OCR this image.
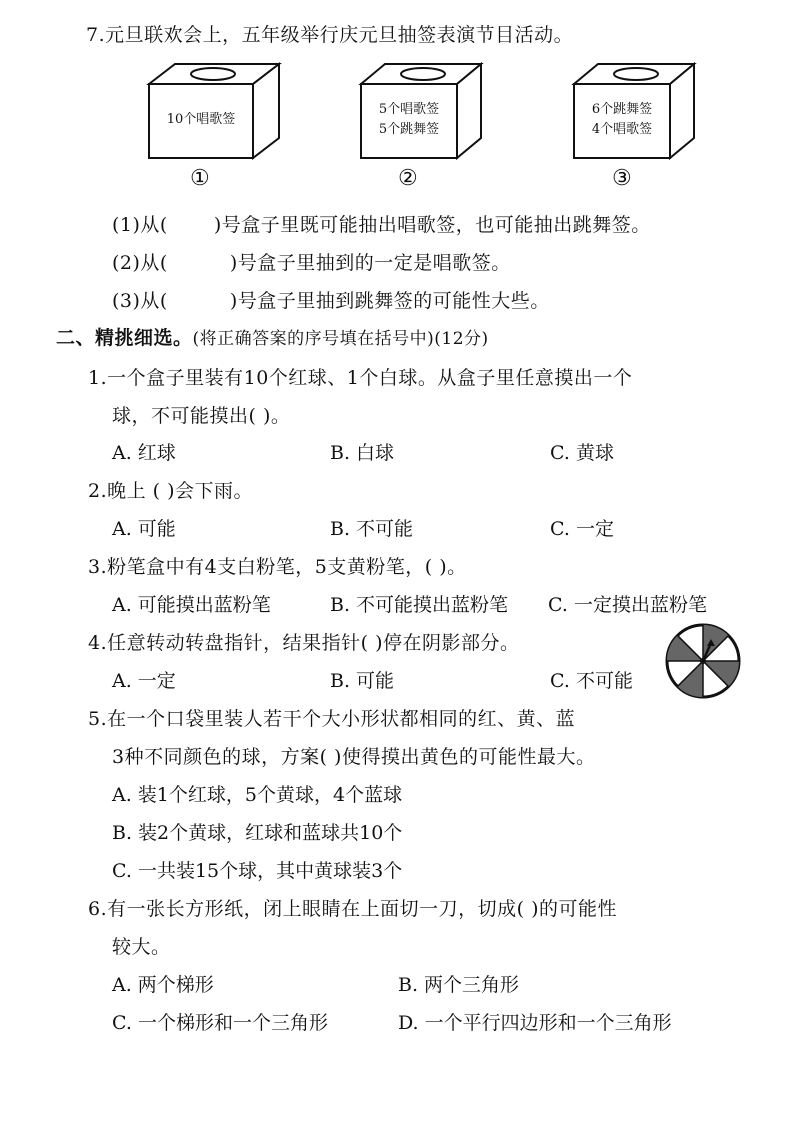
7.元旦联欢会上，五年级举行庆元旦抽签表演节目活动。
10个唱歌签
①
5个唱歌签
5个跳舞签
②
6个跳舞签
4个唱歌签
③
(1)从( )号盒子里既可能抽出唱歌签，也可能抽出跳舞签。
(2)从(	)号盒子里抽到的一定是唱歌签。
(3)从(	)号盒子里抽到跳舞签的可能性大些。
二、精挑细选。(将正确答案的序号填在括号中)(12分)
1.一个盒子里装有10个红球、1个白球。从盒子里任意摸出一个
球，不可能摸出( )。
A. 红球	B. 白球	C. 黄球
2.晚上 ( )会下雨。
A. 可能	B. 不可能	C. 一定
3.粉笔盒中有4支白粉笔，5支黄粉笔，( )。
A. 可能摸出蓝粉笔	B. 不可能摸出蓝粉笔 C. 一定摸出蓝粉笔
4.任意转动转盘指针，结果指针( )停在阴影部分。
A. 一定	B. 可能	C. 不可能
5.在一个口袋里装人若干个大小形状都相同的红、黄、蓝
3种不同颜色的球，方案( )使得摸出黄色的可能性最大。
A. 装1个红球，5个黄球，4个蓝球
B. 装2个黄球，红球和蓝球共10个
C. 一共装15个球，其中黄球装3个
6.有一张长方形纸，闭上眼睛在上面切一刀，切成( )的可能性
较大。
A. 两个梯形	B. 两个三角形
C. 一个梯形和一个三角形	D. 一个平行四边形和一个三角形
